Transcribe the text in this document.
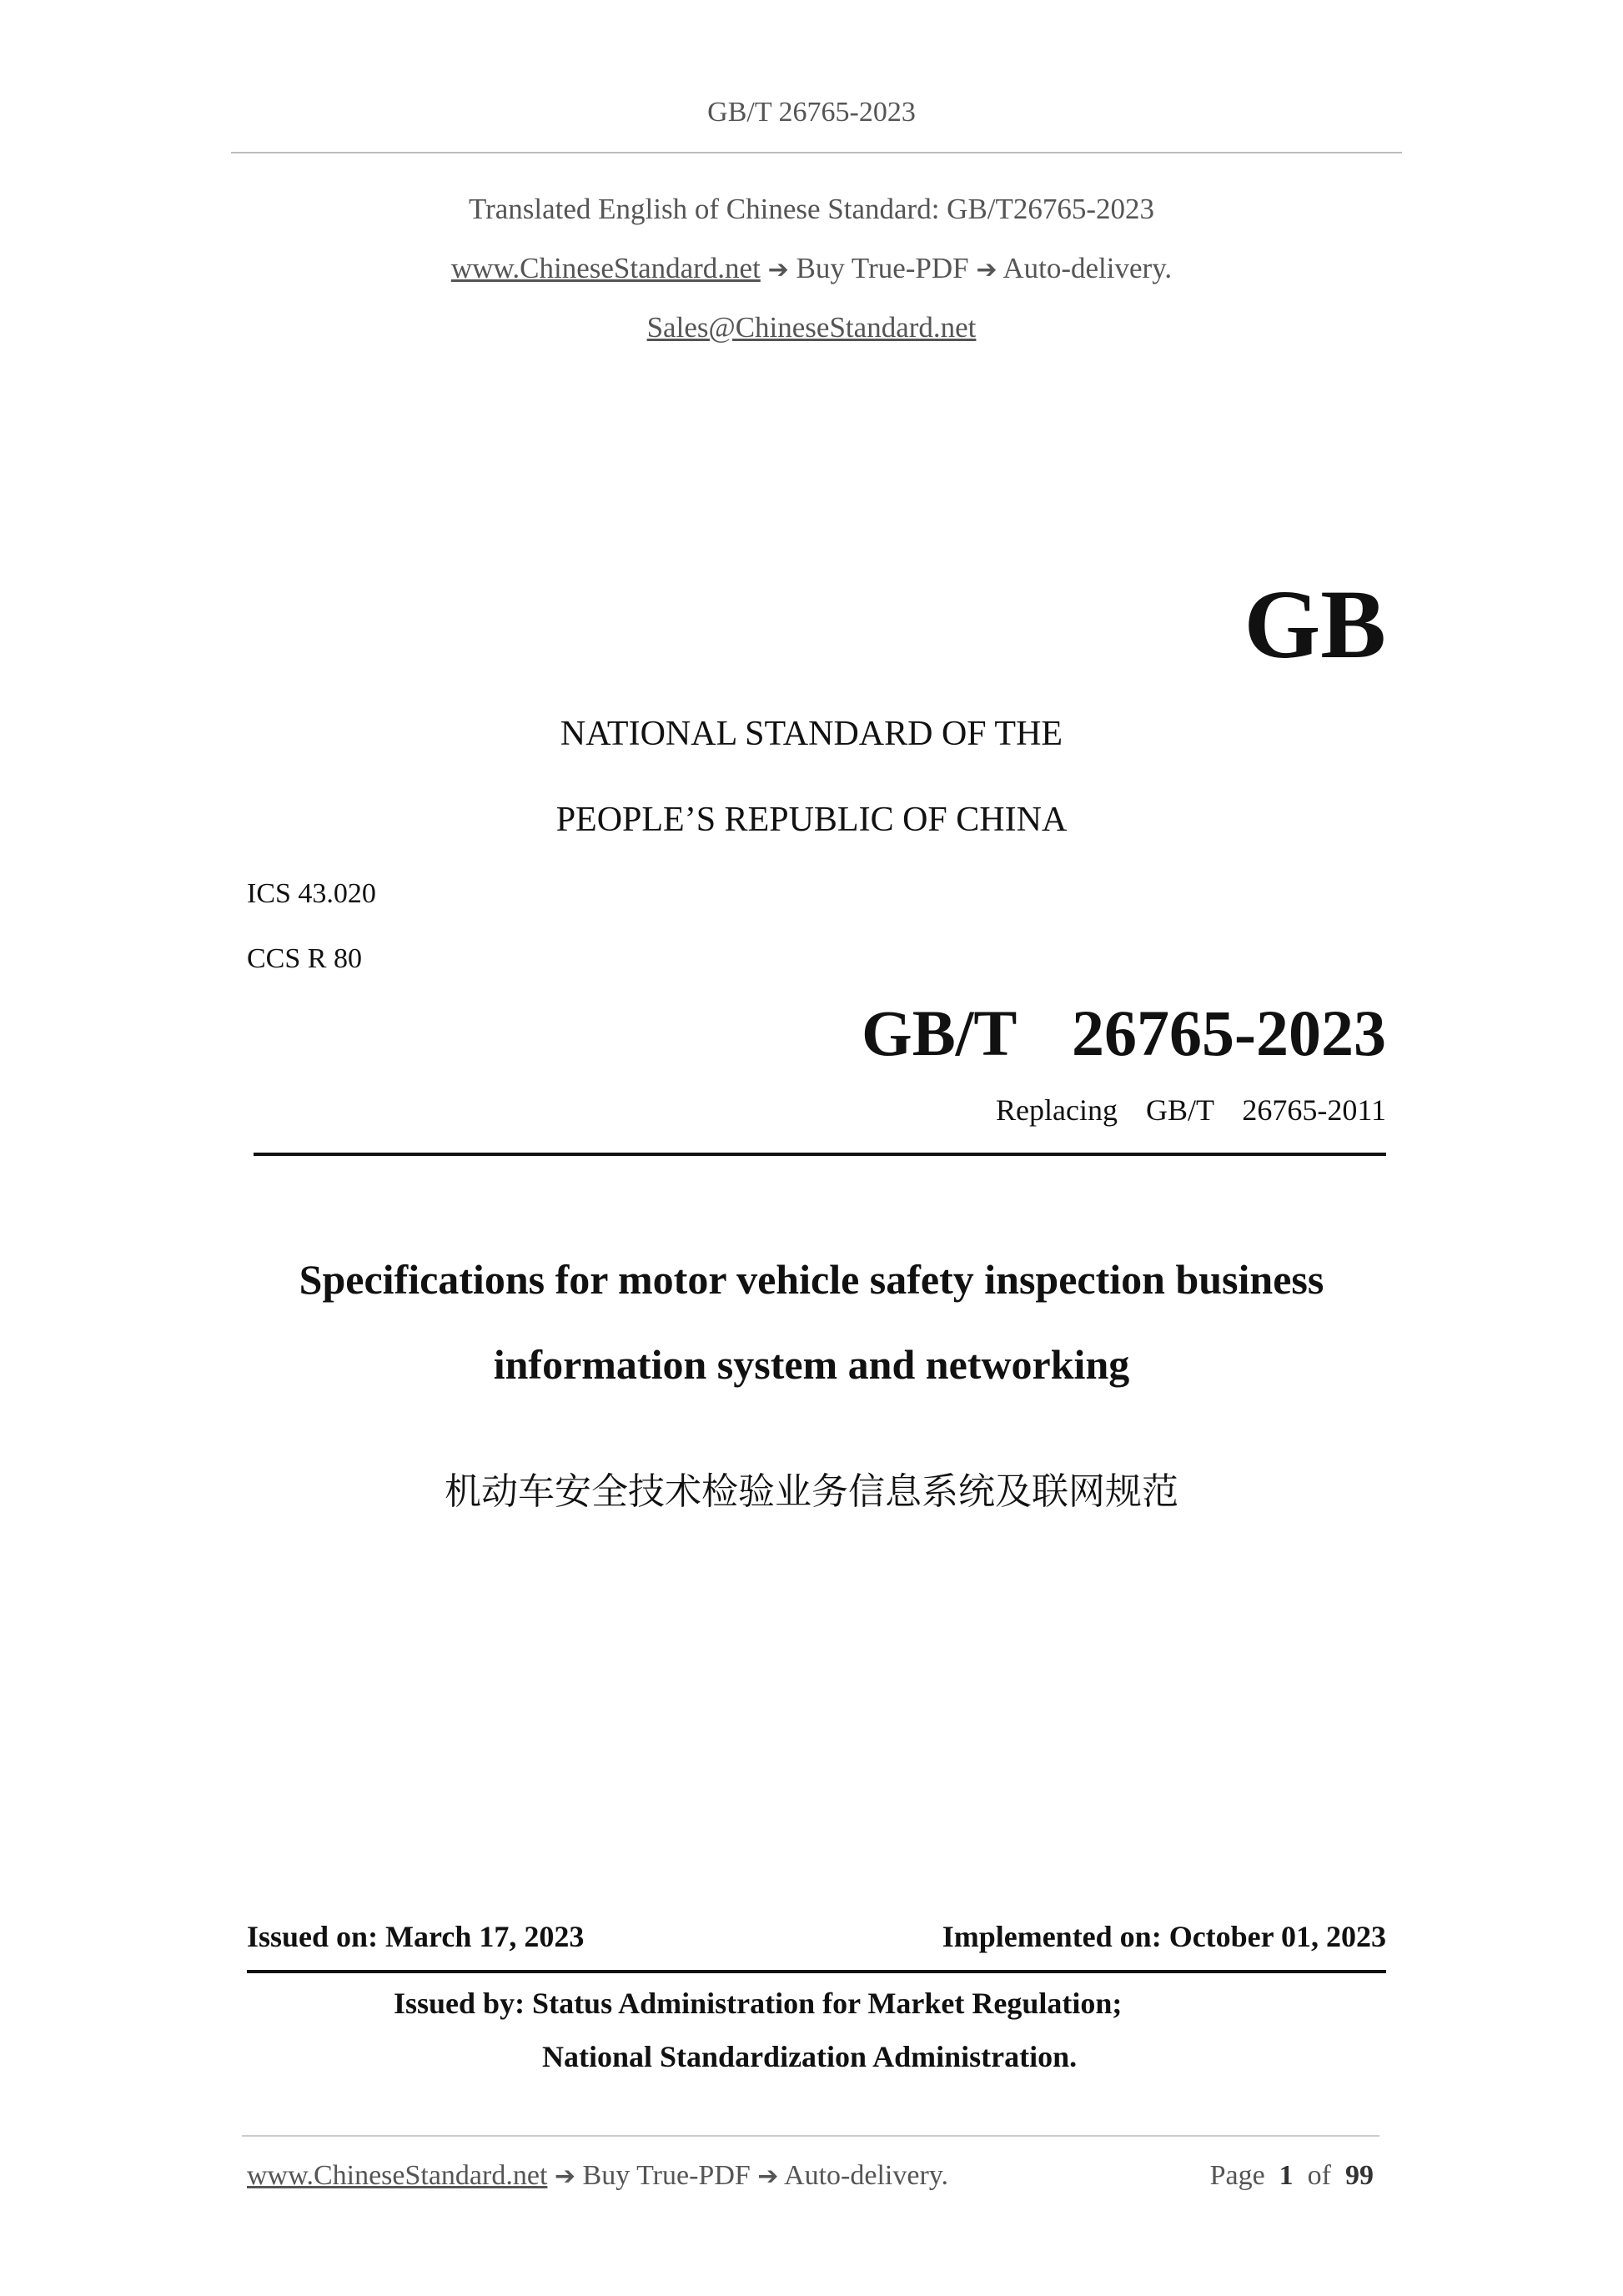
GB/T 26765-2023
Translated English of Chinese Standard: GB/T26765-2023
www.ChineseStandard.net ➔ Buy True-PDF ➔ Auto-delivery.
Sales@ChineseStandard.net
GB
NATIONAL STANDARD OF THE
PEOPLE’S REPUBLIC OF CHINA
ICS 43.020
CCS R 80
GB/T  26765-2023
Replacing  GB/T  26765-2011
Specifications for motor vehicle safety inspection business
information system and networking
机动车安全技术检验业务信息系统及联网规范
Issued on: March 17, 2023	Implemented on: October 01, 2023
Issued by: Status Administration for Market Regulation;
National Standardization Administration.
www.ChineseStandard.net ➔ Buy True-PDF ➔ Auto-delivery.	Page 1 of 99
